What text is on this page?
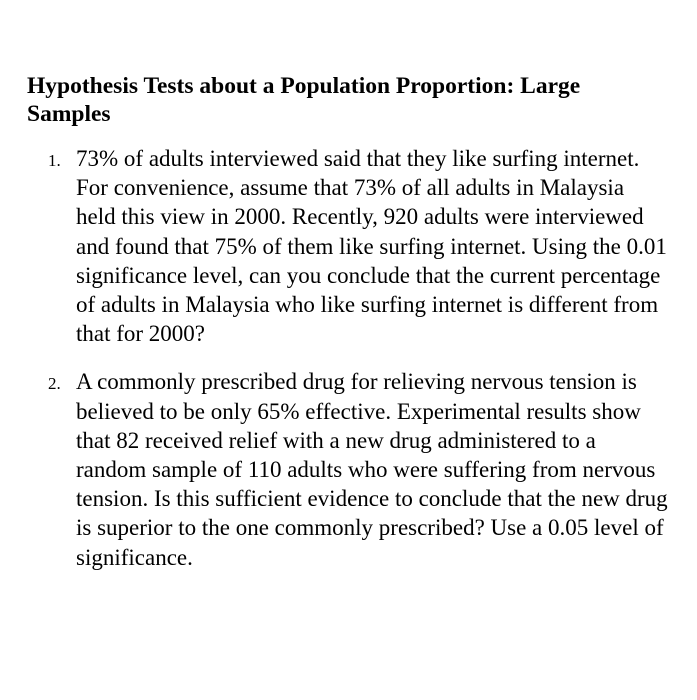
Hypothesis Tests about a Population Proportion: Large Samples
1. 73% of adults interviewed said that they like surfing internet. For convenience, assume that 73% of all adults in Malaysia held this view in 2000. Recently, 920 adults were interviewed and found that 75% of them like surfing internet. Using the 0.01 significance level, can you conclude that the current percentage of adults in Malaysia who like surfing internet is different from that for 2000?
2. A commonly prescribed drug for relieving nervous tension is believed to be only 65% effective. Experimental results show that 82 received relief with a new drug administered to a random sample of 110 adults who were suffering from nervous tension. Is this sufficient evidence to conclude that the new drug is superior to the one commonly prescribed? Use a 0.05 level of significance.
